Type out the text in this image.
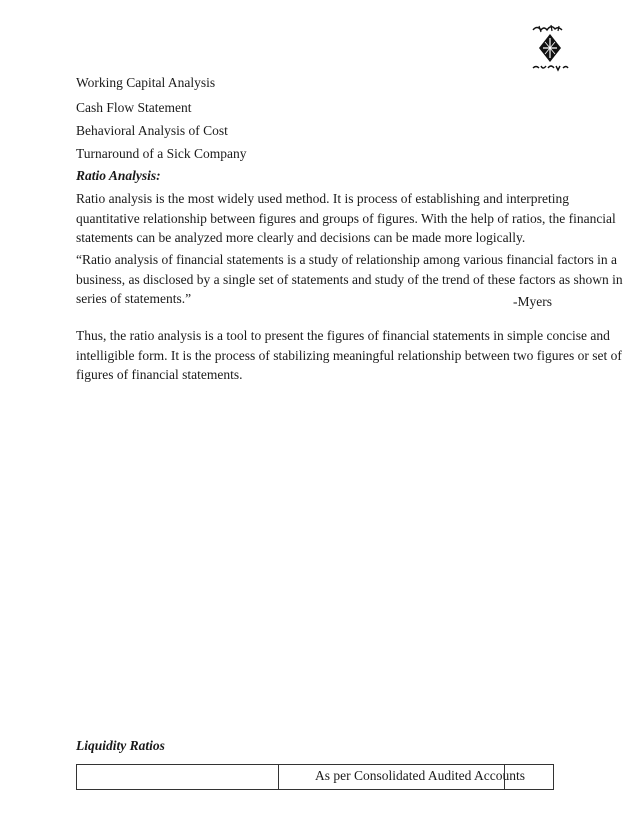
Working Capital Analysis
Cash Flow Statement
Behavioral Analysis of Cost
Turnaround of a Sick Company
Ratio Analysis:
Ratio analysis is the most widely used method. It is process of establishing and interpreting
quantitative relationship between figures and groups of figures. With the help of ratios, the financial
statements can be analyzed more clearly and decisions can be made more logically.
“Ratio analysis of financial statements is a study of relationship among various financial factors in a
business, as disclosed by a single set of statements and study of the trend of these factors as shown in
series of statements.”	-Myers
Thus, the ratio analysis is a tool to present the figures of financial statements in simple concise and
intelligible form. It is the process of stabilizing meaningful relationship between two figures or set of
figures of financial statements.
Liquidity Ratios
As per Consolidated Audited Accounts
